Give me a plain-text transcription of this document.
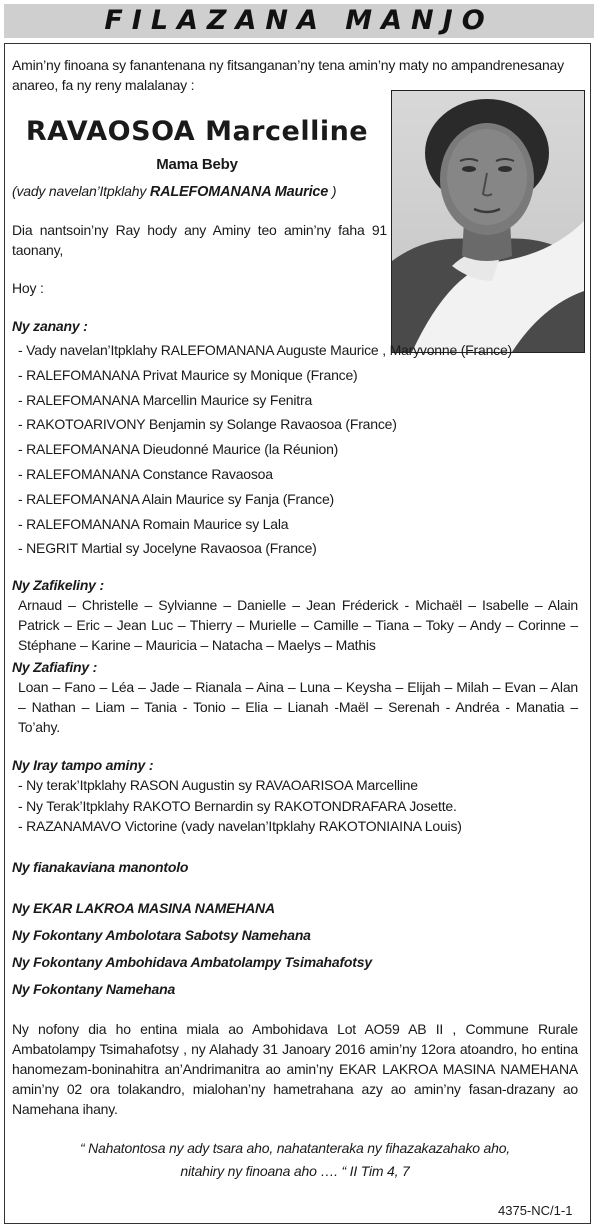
FILAZANA MANJO

Amin’ny finoana sy fanantenana ny fitsanganan’ny tena amin’ny maty no ampandrenesanay anareo, fa ny reny malalanay :

RAVAOSOA Marcelline
Mama Beby
(vady navelan’Itpklahy RALEFOMANANA Maurice )
Dia nantsoin’ny Ray hody any Aminy teo amin’ny faha 91 taonany,
Hoy :
Ny zanany :
- Vady navelan’Itpklahy RALEFOMANANA Auguste Maurice , Maryvonne (France)
- RALEFOMANANA Privat Maurice sy Monique (France)
- RALEFOMANANA Marcellin Maurice sy Fenitra
- RAKOTOARIVONY Benjamin sy Solange Ravaosoa (France)
- RALEFOMANANA Dieudonné Maurice (la Réunion)
- RALEFOMANANA Constance Ravaosoa
- RALEFOMANANA Alain Maurice sy Fanja (France)
- RALEFOMANANA Romain Maurice sy Lala
- NEGRIT Martial sy Jocelyne Ravaosoa (France)
Ny Zafikeliny :

Arnaud – Christelle – Sylvianne – Danielle – Jean Fréderick - Michaël – Isabelle – Alain Patrick – Eric – Jean Luc – Thierry – Murielle – Camille – Tiana – Toky – Andy – Corinne – Stéphane – Karine – Mauricia – Natacha – Maelys – Mathis

Ny Zafiafiny :

Loan – Fano – Léa – Jade – Rianala – Aina – Luna – Keysha – Elijah – Milah – Evan – Alan – Nathan – Liam – Tania - Tonio – Elia – Lianah -Maël – Serenah - Andréa - Manatia – To’ahy.

Ny Iray tampo aminy :
- Ny terak’Itpklahy RASON Augustin sy RAVAOARISOA Marcelline
- Ny Terak’Itpklahy RAKOTO Bernardin sy RAKOTONDRAFARA Josette.
- RAZANAMAVO Victorine (vady navelan’Itpklahy RAKOTONIAINA Louis)
Ny fianakaviana manontolo
Ny EKAR LAKROA MASINA NAMEHANA
Ny Fokontany Ambolotara Sabotsy Namehana
Ny Fokontany Ambohidava Ambatolampy Tsimahafotsy
Ny Fokontany Namehana

Ny nofony dia ho entina miala ao Ambohidava Lot AO59 AB II , Commune Rurale Ambatolampy Tsimahafotsy , ny Alahady 31 Janoary 2016 amin’ny 12ora atoandro, ho entina hanomezam-boninahitra an’Andrimanitra ao amin’ny EKAR LAKROA MASINA NAMEHANA amin’ny 02 ora tolakandro, mialohan’ny hametrahana azy ao amin’ny fasan-drazany ao Namehana ihany.

“ Nahatontosa ny ady tsara aho, nahatanteraka ny fihazakazahako aho,
nitahiry ny finoana aho …. “ II Tim 4, 7
4375-NC/1-1
